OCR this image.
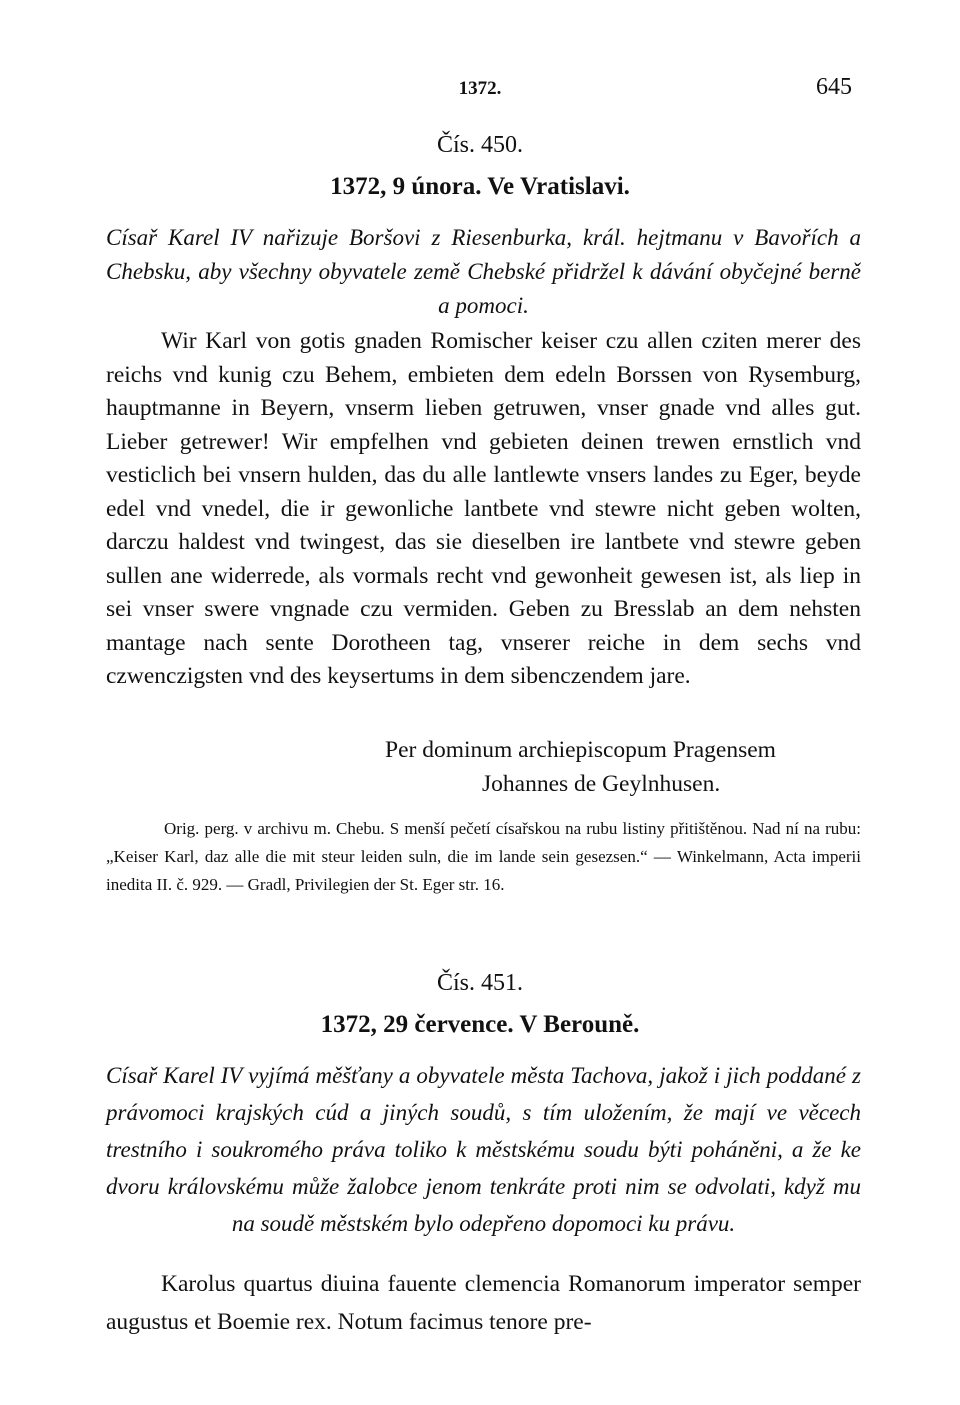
1372.	645
Čís. 450.
1372, 9 února. Ve Vratislavi.
Císař Karel IV nařizuje Boršovi z Riesenburka, král. hejtmanu v Bavořích a Chebsku, aby všechny obyvatele země Chebské přidržel k dávání obyčejné berně a pomoci.
Wir Karl von gotis gnaden Romischer keiser czu allen cziten merer des reichs vnd kunig czu Behem, embieten dem edeln Borssen von Rysemburg, hauptmanne in Beyern, vnserm lieben getruwen, vnser gnade vnd alles gut. Lieber getrewer! Wir empfelhen vnd gebieten deinen trewen ernstlich vnd vesticlich bei vnsern hulden, das du alle lantlewte vnsers landes zu Eger, beyde edel vnd vnedel, die ir gewonliche lantbete vnd stewre nicht geben wolten, darczu haldest vnd twingest, das sie dieselben ire lantbete vnd stewre geben sullen ane widerrede, als vormals recht vnd gewonheit gewesen ist, als liep in sei vnser swere vngnade czu vermiden. Geben zu Bresslab an dem nehsten mantage nach sente Dorotheen tag, vnserer reiche in dem sechs vnd czwenczigsten vnd des keysertums in dem sibenczendem jare.
Per dominum archiepiscopum Pragensem
Johannes de Geylnhusen.
Orig. perg. v archivu m. Chebu. S menší pečetí císařskou na rubu listiny přitištěnou. Nad ní na rubu: „Keiser Karl, daz alle die mit steur leiden suln, die im lande sein gesezsen.“ — Winkelmann, Acta imperii inedita II. č. 929. — Gradl, Privilegien der St. Eger str. 16.
Čís. 451.
1372, 29 července. V Berouně.
Císař Karel IV vyjímá měšťany a obyvatele města Tachova, jakož i jich poddané z právomoci krajských cúd a jiných soudů, s tím uložením, že mají ve věcech trestního i soukromého práva toliko k městskému soudu býti poháněni, a že ke dvoru královskému může žalobce jenom tenkráte proti nim se odvolati, když mu na soudě městském bylo odepřeno dopomoci ku právu.
Karolus quartus diuina fauente clemencia Romanorum imperator semper augustus et Boemie rex. Notum facimus tenore pre-
